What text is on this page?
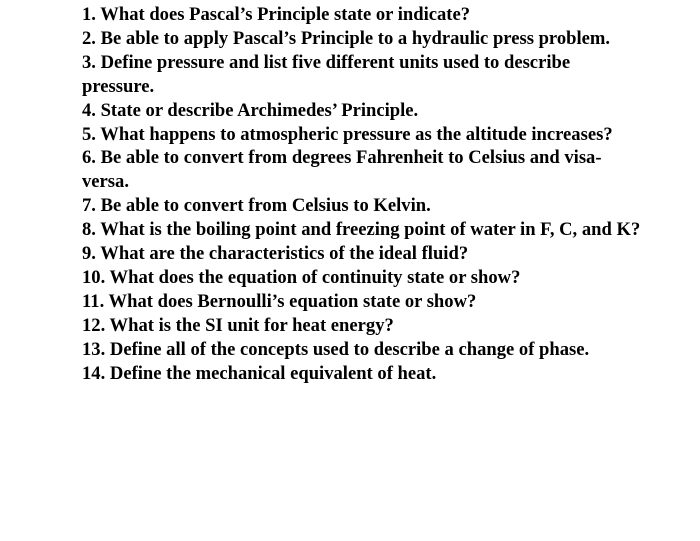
1. What does Pascal’s Principle state or indicate?
2. Be able to apply Pascal’s Principle to a hydraulic press problem.
3. Define pressure and list five different units used to describe pressure.
4. State or describe Archimedes’ Principle.
5. What happens to atmospheric pressure as the altitude increases?
6. Be able to convert from degrees Fahrenheit to Celsius and visa-versa.
7. Be able to convert from Celsius to Kelvin.
8. What is the boiling point and freezing point of water in F, C, and K?
9. What are the characteristics of the ideal fluid?
10. What does the equation of continuity state or show?
11. What does Bernoulli’s equation state or show?
12. What is the SI unit for heat energy?
13. Define all of the concepts used to describe a change of phase.
14. Define the mechanical equivalent of heat.
